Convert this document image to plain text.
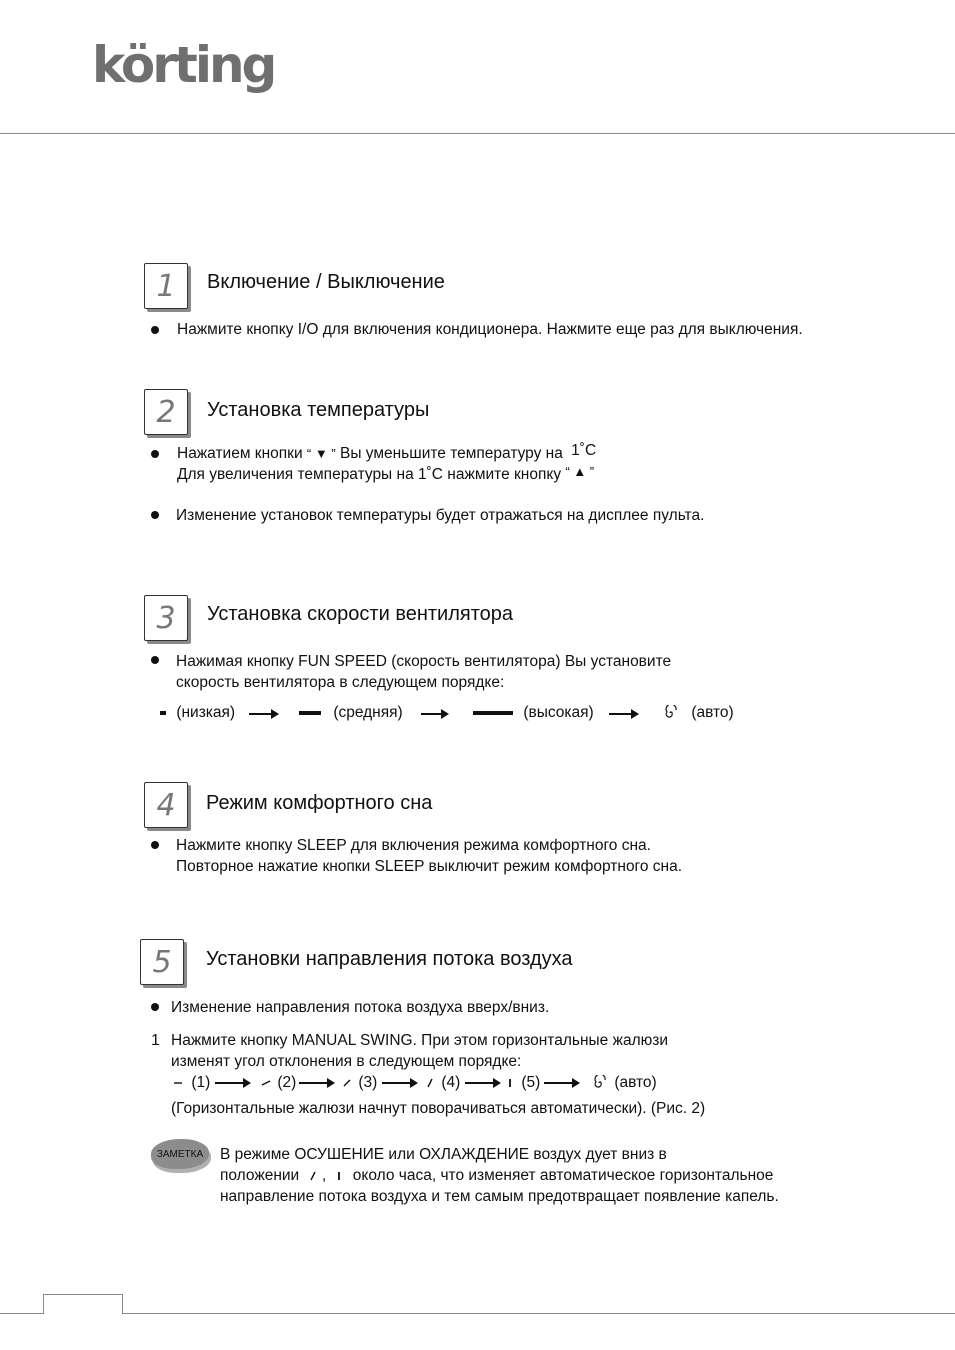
körting
1	Включение / Выключение
Нажмите кнопку I/O для включения кондиционера. Нажмите еще раз для выключения.
2	Установка температуры
Нажатием кнопки “ ▼ ” Вы уменьшите температуру на 1˚C
Для увеличения температуры на 1˚C нажмите кнопку “ ▲ ”
Изменение установок температуры будет отражаться на дисплее пульта.
3	Установка скорости вентилятора
Нажимая кнопку FUN SPEED (скорость вентилятора) Вы установите
скорость вентилятора в следующем порядке:
(низкая)	(средняя)	(высокая)	(авто)
4	Режим комфортного сна
Нажмите кнопку SLEEP для включения режима комфортного сна.
Повторное нажатие кнопки SLEEP выключит режим комфортного сна.
5	Установки направления потока воздуха
Изменение направления потока воздуха вверх/вниз.
1 Нажмите кнопку MANUAL SWING. При этом горизонтальные жалюзи
изменят угол отклонения в следующем порядке:
(1)	(2)	(3)	(4)	(5)	(авто)
(Горизонтальные жалюзи начнут поворачиваться автоматически). (Рис. 2)
ЗАМЕТКА	В режиме ОСУШЕНИЕ или ОХЛАЖДЕНИЕ воздух дует вниз в
положении , около часа, что изменяет автоматическое горизонтальное
направление потока воздуха и тем самым предотвращает появление капель.
